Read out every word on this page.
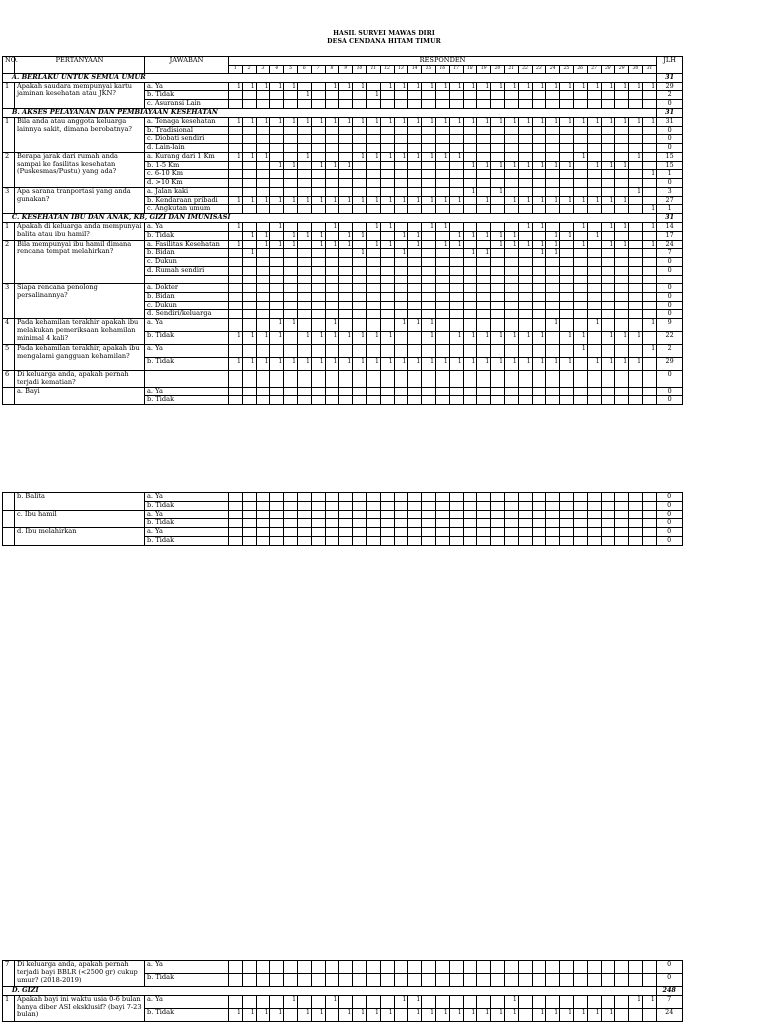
HASIL SURVEI MAWAS DIRI
DESA CENDANA HITAM TIMUR
NO.	PERTANYAAN	JAWABAN	RESPONDEN																															JLH	
			1	2	3	4	5	6	7	8	9	10	11	12	13	14	15	16	17	18	19	20	21	22	23	24	25	26	27	28	29	30	31		
A. BERLAKU UNTUK SEMUA UMUR																																		31	
1	Apakah saudara mempunyai kartu jaminan kesehatan atau JKN?	a. Ya	1	1	1	1	1			1	1	1		1	1	1	1	1	1	1	1	1	1	1	1	1	1	1	1	1	1	1	1	29	
		b. Tidak						1					1																					2	
		c. Asuransi Lain																																0	
B. AKSES PELAYANAN DAN PEMBIAYAAN KESEHATAN																																		31	
1	Bila anda atau anggota keluarga lainnya sakit, dimana berobatnya?	a. Tenaga kesehatan	1	1	1	1	1	1	1	1	1	1	1	1	1	1	1	1	1	1	1	1	1	1	1	1	1	1	1	1	1	1	1	31	
		b. Tradisional																																0	
		c. Diobati sendiri																																0	
		d. Lain-lain																																0	
2	Berapa jarak dari rumah anda sampai ke fasilitas kesehatan (Puskesmas/Pustu) yang ada?	a. Kurang dari 1 Km	1	1	1			1				1	1	1	1	1	1	1	1									1				1		15	
		b. 1-5 Km				1	1		1	1	1									1	1	1	1	1	1	1	1		1	1	1			15	
		c. 6-10 Km																															1	1	
		d. >10 Km																																0	
3	Apa sarana tranportasi yang anda gunakan?	a. Jalan kaki																		1		1										1		3	
		b. Kendaraan pribadi	1	1	1	1	1	1	1	1	1	1	1	1	1	1	1	1	1		1		1	1	1	1	1	1	1	1	1			27	
		c. Angkutan umum																															1	1	
C. KESEHATAN IBU DAN ANAK, KB, GIZI DAN IMUNISASI																																		31	
1	Apakah di keluarga anda mempunyai balita atau ibu hamil?	a. Ya	1			1				1			1	1			1	1						1	1			1		1	1		1	14	
		b. Tidak		1	1		1	1	1		1	1			1	1			1	1	1	1	1			1	1		1					17	
2	Bila mempunyai ibu hamil dimana rencana tempat melahirkan?	a. Fasilitas Kesehatan	1		1	1	1		1	1	1		1	1		1		1	1			1	1	1	1	1		1		1	1		1	24	
		b. Bidan		1								1			1					1	1				1	1								7	
		c. Dukun																																0	
		d. Rumah sendiri																																0	

3	Siapa rencana penolong persalinannya?	a. Dokter																																0	
		b. Bidan																																0	
		c. Dukun																																0	
		d. Sendiri/keluarga																																0	
4	Pada kehamilan terakhir apakah ibu melakukan pemeriksaan kehamilan minimal 4 kali?	a. Ya				1	1			1					1	1	1									1			1				1	9	
		b. Tidak	1	1	1	1		1	1	1	1	1	1	1			1		1	1	1	1	1	1	1		1	1		1	1	1		22	
5	Pada kehamilan terakhir, apakah ibu mengalami gangguan kehamilan?	a. Ya																										1					1	2	
		b. Tidak	1	1	1	1	1	1	1	1	1	1	1	1	1	1	1	1	1	1	1	1	1	1	1	1	1		1	1	1	1		29	
6	Di keluarga anda, apakah pernah terjadi kematian?																																	0	
	a. Bayi	a. Ya																																0	
		b. Tidak																																0	
	b. Balita	a. Ya																																0
		b. Tidak																																0
	c. Ibu hamil	a. Ya																																0
		b. Tidak																																0
	d. Ibu melahirkan	a. Ya																																0
		b. Tidak																																0
7	Di keluarga anda, apakah pernah terjadi bayi BBLR (<2500 gr) cukup umur? (2018-2019)	a. Ya																																0
		b. Tidak																																0
D. GIZI																																		248
1	Apakah bayi ini waktu usia 0-6 bulan hanya diber ASI eksklusif? (bayi 7-23 bulan)	a. Ya					1			1					1	1							1									1	1	7
		b. Tidak	1	1	1	1		1	1		1	1	1	1		1	1	1	1	1	1	1	1		1	1	1	1	1	1				24
